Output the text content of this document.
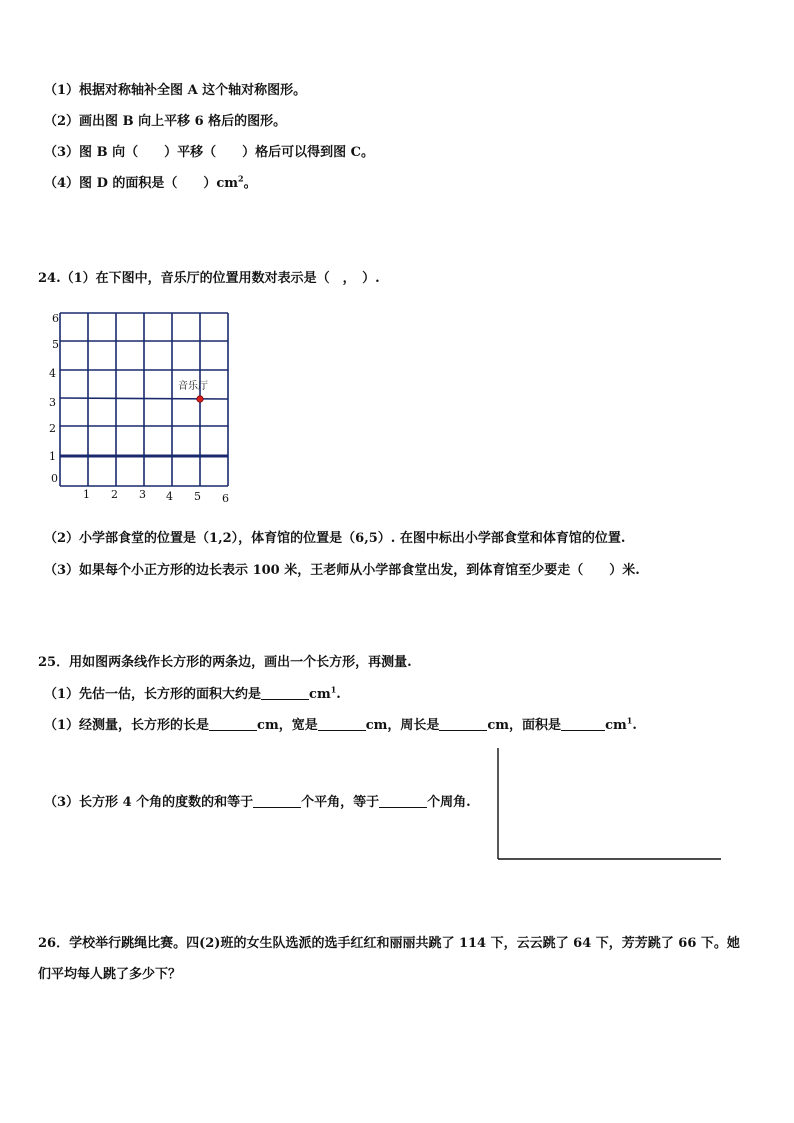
（1）根据对称轴补全图 A 这个轴对称图形。
（2）画出图 B 向上平移 6 格后的图形。
（3）图 B 向（　　）平移（　　）格后可以得到图 C。
（4）图 D 的面积是（　　）$cm^2$。
24.（1）在下图中，音乐厅的位置用数对表示是（　，　）.
6
5
4
3
2
1
0
1 2 3 4 5 6
音乐厅
（2）小学部食堂的位置是（1,2），体育馆的位置是（6,5）. 在图中标出小学部食堂和体育馆的位置.
（3）如果每个小正方形的边长表示 100 米，王老师从小学部食堂出发，到体育馆至少要走（　　）米.
25．用如图两条线作长方形的两条边，画出一个长方形，再测量.
（1）先估一估，长方形的面积大约是	$cm^1$.
（1）经测量，长方形的长是	cm，宽是	cm，周长是	cm，面积是	$cm^1$.
（3）长方形 4 个角的度数的和等于	个平角，等于	个周角.
26．学校举行跳绳比赛。四(2)班的女生队选派的选手红红和丽丽共跳了 114 下，云云跳了 64 下，芳芳跳了 66 下。她
们平均每人跳了多少下？
